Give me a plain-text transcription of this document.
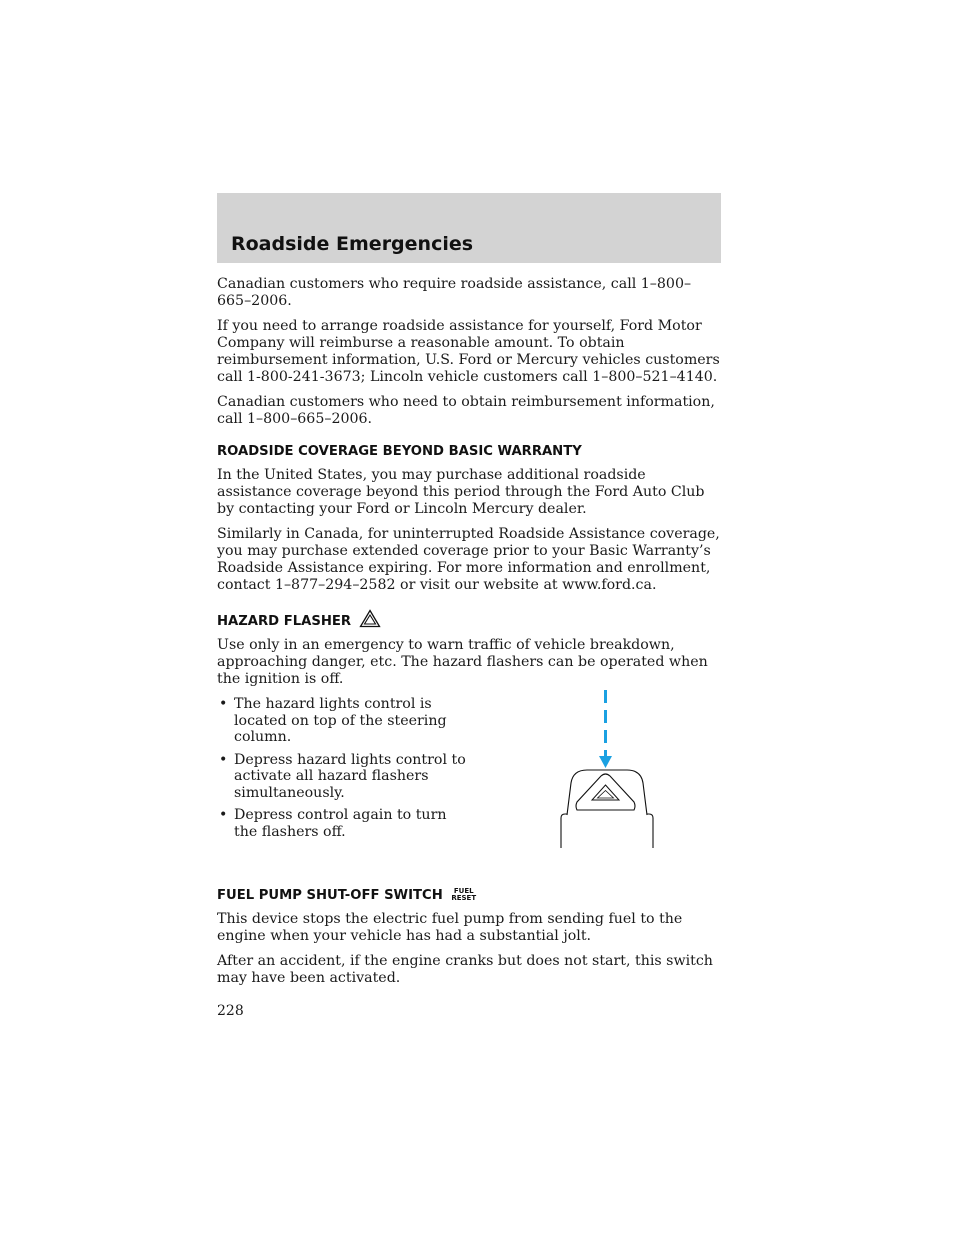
Roadside Emergencies

Canadian customers who require roadside assistance, call 1–800–665–2006.

If you need to arrange roadside assistance for yourself, Ford Motor Company will reimburse a reasonable amount. To obtain reimbursement information, U.S. Ford or Mercury vehicles customers call 1-800-241-3673; Lincoln vehicle customers call 1–800–521–4140.

Canadian customers who need to obtain reimbursement information, call 1–800–665–2006.

ROADSIDE COVERAGE BEYOND BASIC WARRANTY

In the United States, you may purchase additional roadside assistance coverage beyond this period through the Ford Auto Club by contacting your Ford or Lincoln Mercury dealer.

Similarly in Canada, for uninterrupted Roadside Assistance coverage, you may purchase extended coverage prior to your Basic Warranty’s Roadside Assistance expiring. For more information and enrollment, contact 1–877–294–2582 or visit our website at www.ford.ca.

HAZARD FLASHER

Use only in an emergency to warn traffic of vehicle breakdown, approaching danger, etc. The hazard flashers can be operated when the ignition is off.

• The hazard lights control is located on top of the steering column.
• Depress hazard lights control to activate all hazard flashers simultaneously.
• Depress control again to turn the flashers off.
FUEL PUMP SHUT-OFF SWITCH	FUEL
RESET

This device stops the electric fuel pump from sending fuel to the engine when your vehicle has had a substantial jolt.

After an accident, if the engine cranks but does not start, this switch may have been activated.

228
